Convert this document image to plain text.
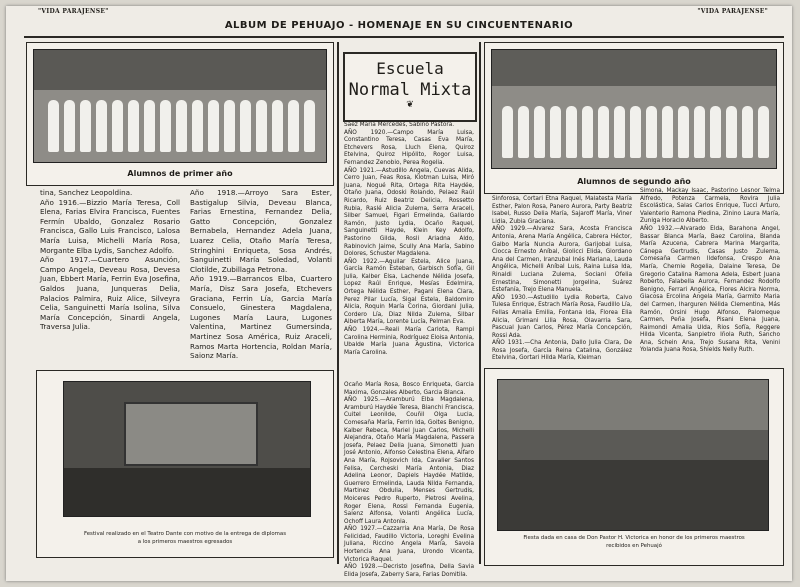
"VIDA PARAJENSE"	"VIDA PARAJENSE"
ALBUM DE PEHUAJO - HOMENAJE EN SU CINCUENTENARIO
Alumnos de primer año
Escuela
Normal Mixta
❦
Alumnos de segundo año
tina, Sanchez Leopoldina.
Año 1916.—Bizzio María Teresa, Coll Elena, Farias Elvira Francisca, Fuentes Fermín Ubaldo, Gonzalez Rosario Francisca, Gallo Luis Francisco, Lalosa María Luisa, Michelli María Rosa, Morgante Elba Lydis, Sanchez Adolfo.
Año 1917.—Cuartero Asunción, Campo Angela, Deveau Rosa, Devesa Juan, Ebbert María, Ferrin Eva Josefina, Galdos Juana, Junqueras Delia, Palacios Palmira, Ruiz Alice, Silveyra Celia, Sanguinetti María Isolina, Silva María Concepción, Sinardi Angela, Traversa Julia.
Año 1918.—Arroyo Sara Ester, Bastigalup Silvia, Deveau Blanca, Farias Ernestina, Fernandez Delia, Gatto Concepción, Gonzalez Bernabela, Hernandez Adela Juana, Luarez Celia, Otaño María Teresa, Stringhini Enriqueta, Sosa Andrés, Sanguinetti María Soledad, Volanti Clotilde, Zubillaga Petrona.
Año 1919.—Barrancos Elba, Cuartero María, Disz Sara Josefa, Etchevers Graciana, Ferrin Lía, Garcia María Consuelo, Ginestera Magdalena, Lugones María Laura, Lugones Valentina, Martinez Gumersinda, Martinez Sosa América, Ruiz Araceli, Ramos Marta Hortencia, Roldan María, Saionz María.
Saez María Mercedes, Sabino Pastora.
AÑO 1920.—Campo María Luisa, Constantino Teresa, Casas Eva María, Etchevers Rosa, Lluch Elena, Quiroz Etelvina, Quiroz Hipólito, Rogor Luisa, Fernandez Zenobio, Perea Rogelia.
AÑO 1921.—Astudillo Angela, Cuevas Alida, Cerro Juan, Feas Rosa, Klotman Luisa, Miró Juana, Nogué Rita, Ortega Rita Haydée, Otaño Juana, Odoski Rolando, Pelaez Raúl Ricardo, Ruiz Beatriz Delicia, Rossetto Rubia, Raslé Alicia Zulema, Serra Araceli, Silber Samuel, Figari Ermelinda, Gallardo Ramón, Justo Lydia, Ocaño Raquel, Sanguinetti Hayde, Klein Key Adolfo, Pastorino Gilda, Rosli Ariadna Aldo, Rabinovich Jaime, Scully Ana María, Sabino Dolores, Schuster Magdalena.
AÑO 1922.—Aguilar Estela, Alice Juana, García Ramón Esteban, Garbisch Sofía, Gil Julia, Kalber Elsa, Lachende Nélida Josefa, Lopez Raúl Enrique, Mesías Edelmira, Ortega Nélida Esther, Pagani Elena Clara, Perez Pilar Lucía, Sigal Estela, Baldomiro Alicia, Roquin María Corina, Giordani Julia, Cordero Lía, Diaz Nilda Zulema, Silbar Alberta María, Lorente Lucía, Pelman Eva.
AÑO 1924.—Reali María Carlota, Rampi Carolina Herminia, Rodríguez Eloisa Antonia, Ubalde María Juana Agustina, Victorica María Carolina.
Sinforosa, Cortari Etna Raquel, Malatesta María Esther, Palon Rosa, Panero Aurora, Party Beatriz Isabel, Russo Delia María, Sajaroff María, Viner Lidia, Zubia Graciana.
AÑO 1929.—Alvarez Sara, Acosta Francisca Antonia, Arena María Angélica, Cabrera Héctor, Galbo María Nuncia Aurora, Garijobal Luisa, Ciocca Ernesto Aníbal, Giolicci Elida, Giordano Ana del Carmen, Iranzubal Inés Mariana, Lauda Angélica, Michelli Aníbal Luis, Raina Luisa Ida, Rinaldi Luciana Zulema, Sociani Ofelia Ernestina, Simonetti Jorgelina, Suárez Estefanía, Trejo Elena Manuela.
AÑO 1930.—Astudillo Lydia Roberta, Calvo Tulesa Enrique, Estrach María Rosa, Faudillo Lía, Fellas Amalia Emilia, Fontana Ida, Florea Elia Alicia, Grimani Lilia Rosa, Olavarria Sara, Pascual Juan Carlos, Pérez María Concepción, Rossi Ada.
AÑO 1931.—Cha Antonia, Dallo Julia Clara, De Rosa Josefa, García Reina Catalina, González Etelvina, Gortari Hilda María, Kleiman
Simona, Mackay Isaac, Pastorino Lesnor Telma Alfredo, Potenza Carmela, Rovira Julia Escolástica, Salas Carlos Enrique, Tucci Arturo, Valenterio Ramona Piedina, Zinino Laura María, Zuniga Horacio Alberto.
AÑO 1932.—Alvarado Elda, Barahona Angel, Bassar Blanca María, Baez Carolina, Blanda María Azucena, Cabrera Marina Margarita, Cánepa Gertrudis, Casas Justo Zulema, Comesaña Carmen Ildefonsa, Crespo Ana María, Chernie Rogelia, Dalaine Teresa, De Gregorio Catalina Ramona Adela, Esbert Juana Roberto, Falabella Aurora, Fernandez Rodolfo Benigno, Ferrari Angélica, Flores Alcira Norma, Giacosa Ercolina Angela María, Garmito Maria del Carmen, Iharguren Nélida Clementina, Más Ramón, Orsini Hugo Alfonso, Palomeque Carmen, Peña Josefa, Pisani Elena Juana, Raimondi Amalia Ulda, Rios Sofía, Reggere Hilda Vicenta, Sanpietro Iñola Ruth, Sancho Ana, Schein Ana, Trejo Susana Rita, Venini Yolanda Juana Rosa, Shields Nelly Ruth.
Festival realizado en el Teatro Dante con motivo de la entrega de diplomas
a los primeros maestros egresados
Ocaño María Rosa, Bosco Enriqueta, Garcia Maxima, Gonzales Alberto, Garcia Blanca.
AÑO 1925.—Aramburú Elba Magdalena, Aramburú Haydée Teresa, Bianchi Francisca, Cuitel Leonilde, Couñil Olga Lucia, Comesaña María, Ferrin Ida, Goites Benigno, Kalber Rebeca, Mariel Juan Carlos, Michelli Alejandra, Otaño María Magdalena, Passera Josefa, Pelaez Delia Juana, Simonetti Juan José Antonio, Alfonso Celestina Elena, Alfaro Ana María, Rojsovich Ida, Cavalier Santos Felisa, Cercheski María Antonia, Diaz Adelina Leonor, Dapiels Haydée Matilde, Guerrero Ermelinda, Lauda Nilda Fernanda, Martinez Obdulia, Menses Gertrudis, Moiceres Pedro Ruperto, Pietrosi Avelina, Roger Elena, Rossi Fernanda Eugenia, Saienz Alfonsa, Volanti Angélica Lucía, Ochoff Laura Antonia.
AÑO 1927.—Cazzarria Ana María, De Rosa Felicidad, Faudillo Victoria, Loreghi Evelina Juliana, Riccino Angela María, Savoia Hortencia Ana Juana, Urondo Vicenta, Victorica Raquel.
AÑO 1928.—Decristo Josefina, Della Savia Elida Josefa, Zaberry Sara, Farias Domitila.
Fiesta dada en casa de Don Pastor H. Victorica en honor de los primeros maestros
recibidos en Pehuajó
